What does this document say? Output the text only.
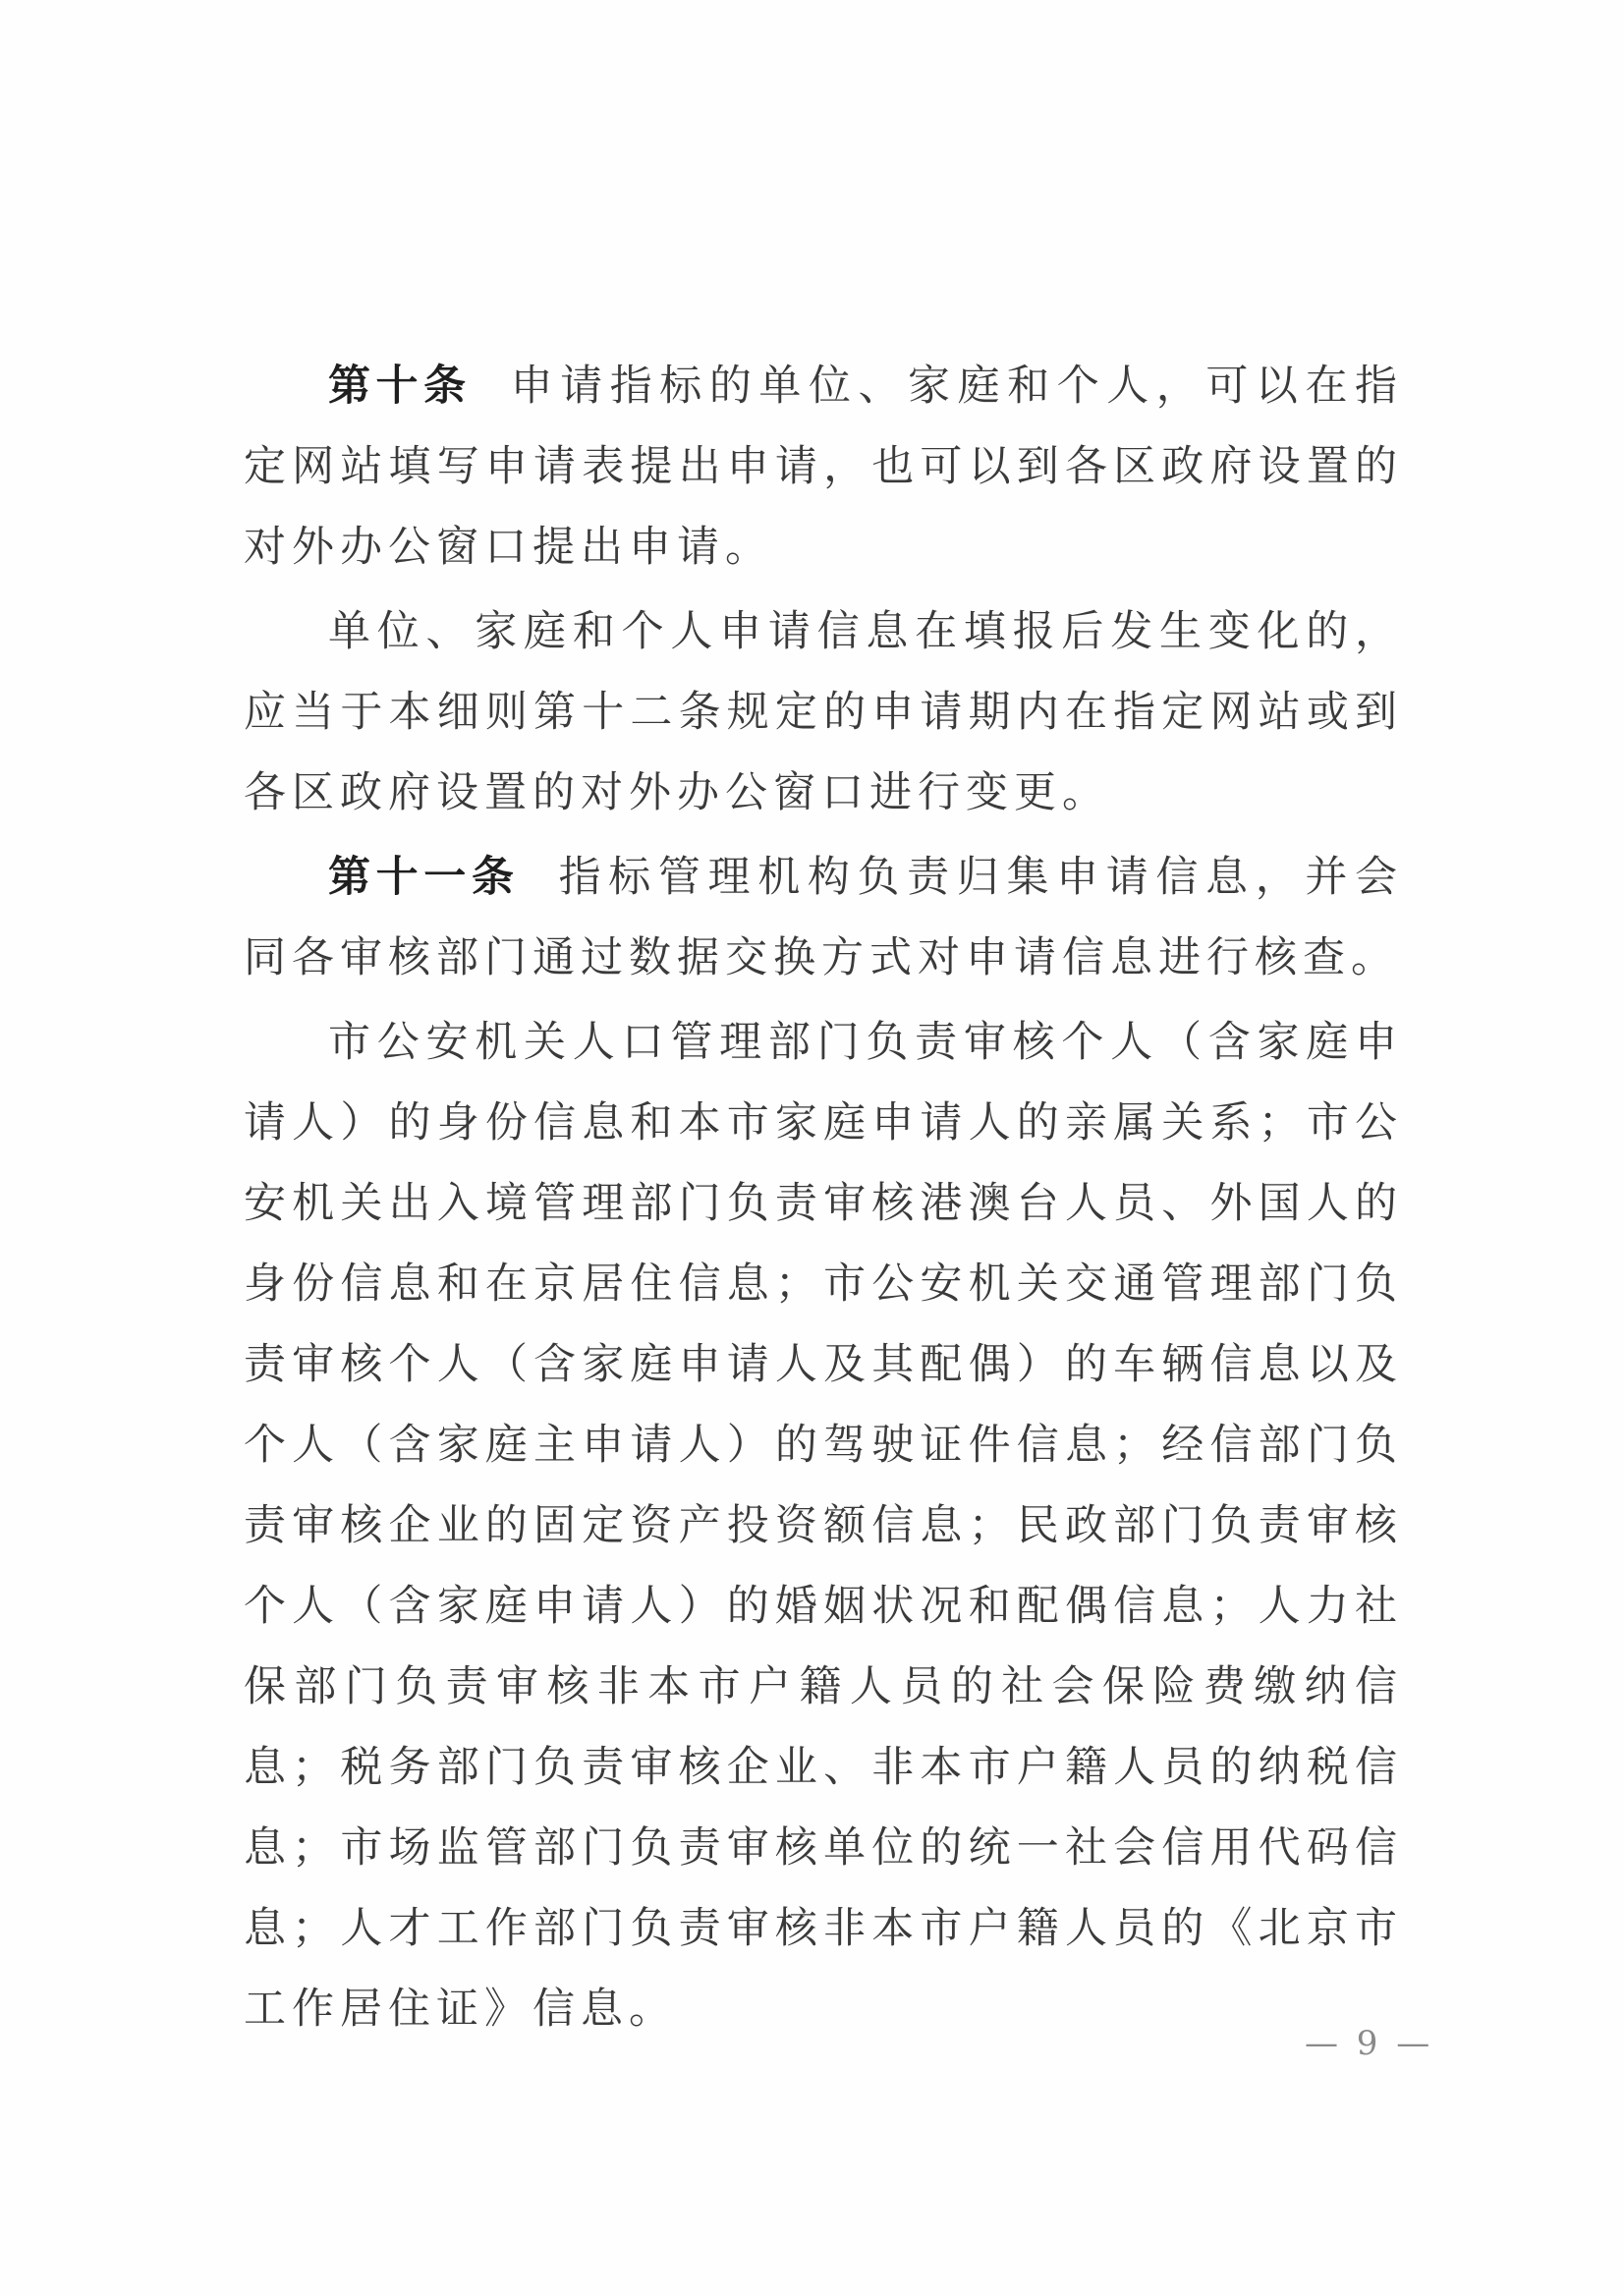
第十条 申请指标的单位、家庭和个人，可以在指定网站填写申请表提出申请，也可以到各区政府设置的对外办公窗口提出申请。

单位、家庭和个人申请信息在填报后发生变化的，应当于本细则第十二条规定的申请期内在指定网站或到各区政府设置的对外办公窗口进行变更。

第十一条 指标管理机构负责归集申请信息，并会同各审核部门通过数据交换方式对申请信息进行核查。

市公安机关人口管理部门负责审核个人（含家庭申请人）的身份信息和本市家庭申请人的亲属关系；市公安机关出入境管理部门负责审核港澳台人员、外国人的身份信息和在京居住信息；市公安机关交通管理部门负责审核个人（含家庭申请人及其配偶）的车辆信息以及个人（含家庭主申请人）的驾驶证件信息；经信部门负责审核企业的固定资产投资额信息；民政部门负责审核个人（含家庭申请人）的婚姻状况和配偶信息；人力社保部门负责审核非本市户籍人员的社会保险费缴纳信息；税务部门负责审核企业、非本市户籍人员的纳税信息；市场监管部门负责审核单位的统一社会信用代码信息；人才工作部门负责审核非本市户籍人员的《北京市工作居住证》信息。

— 9 —
